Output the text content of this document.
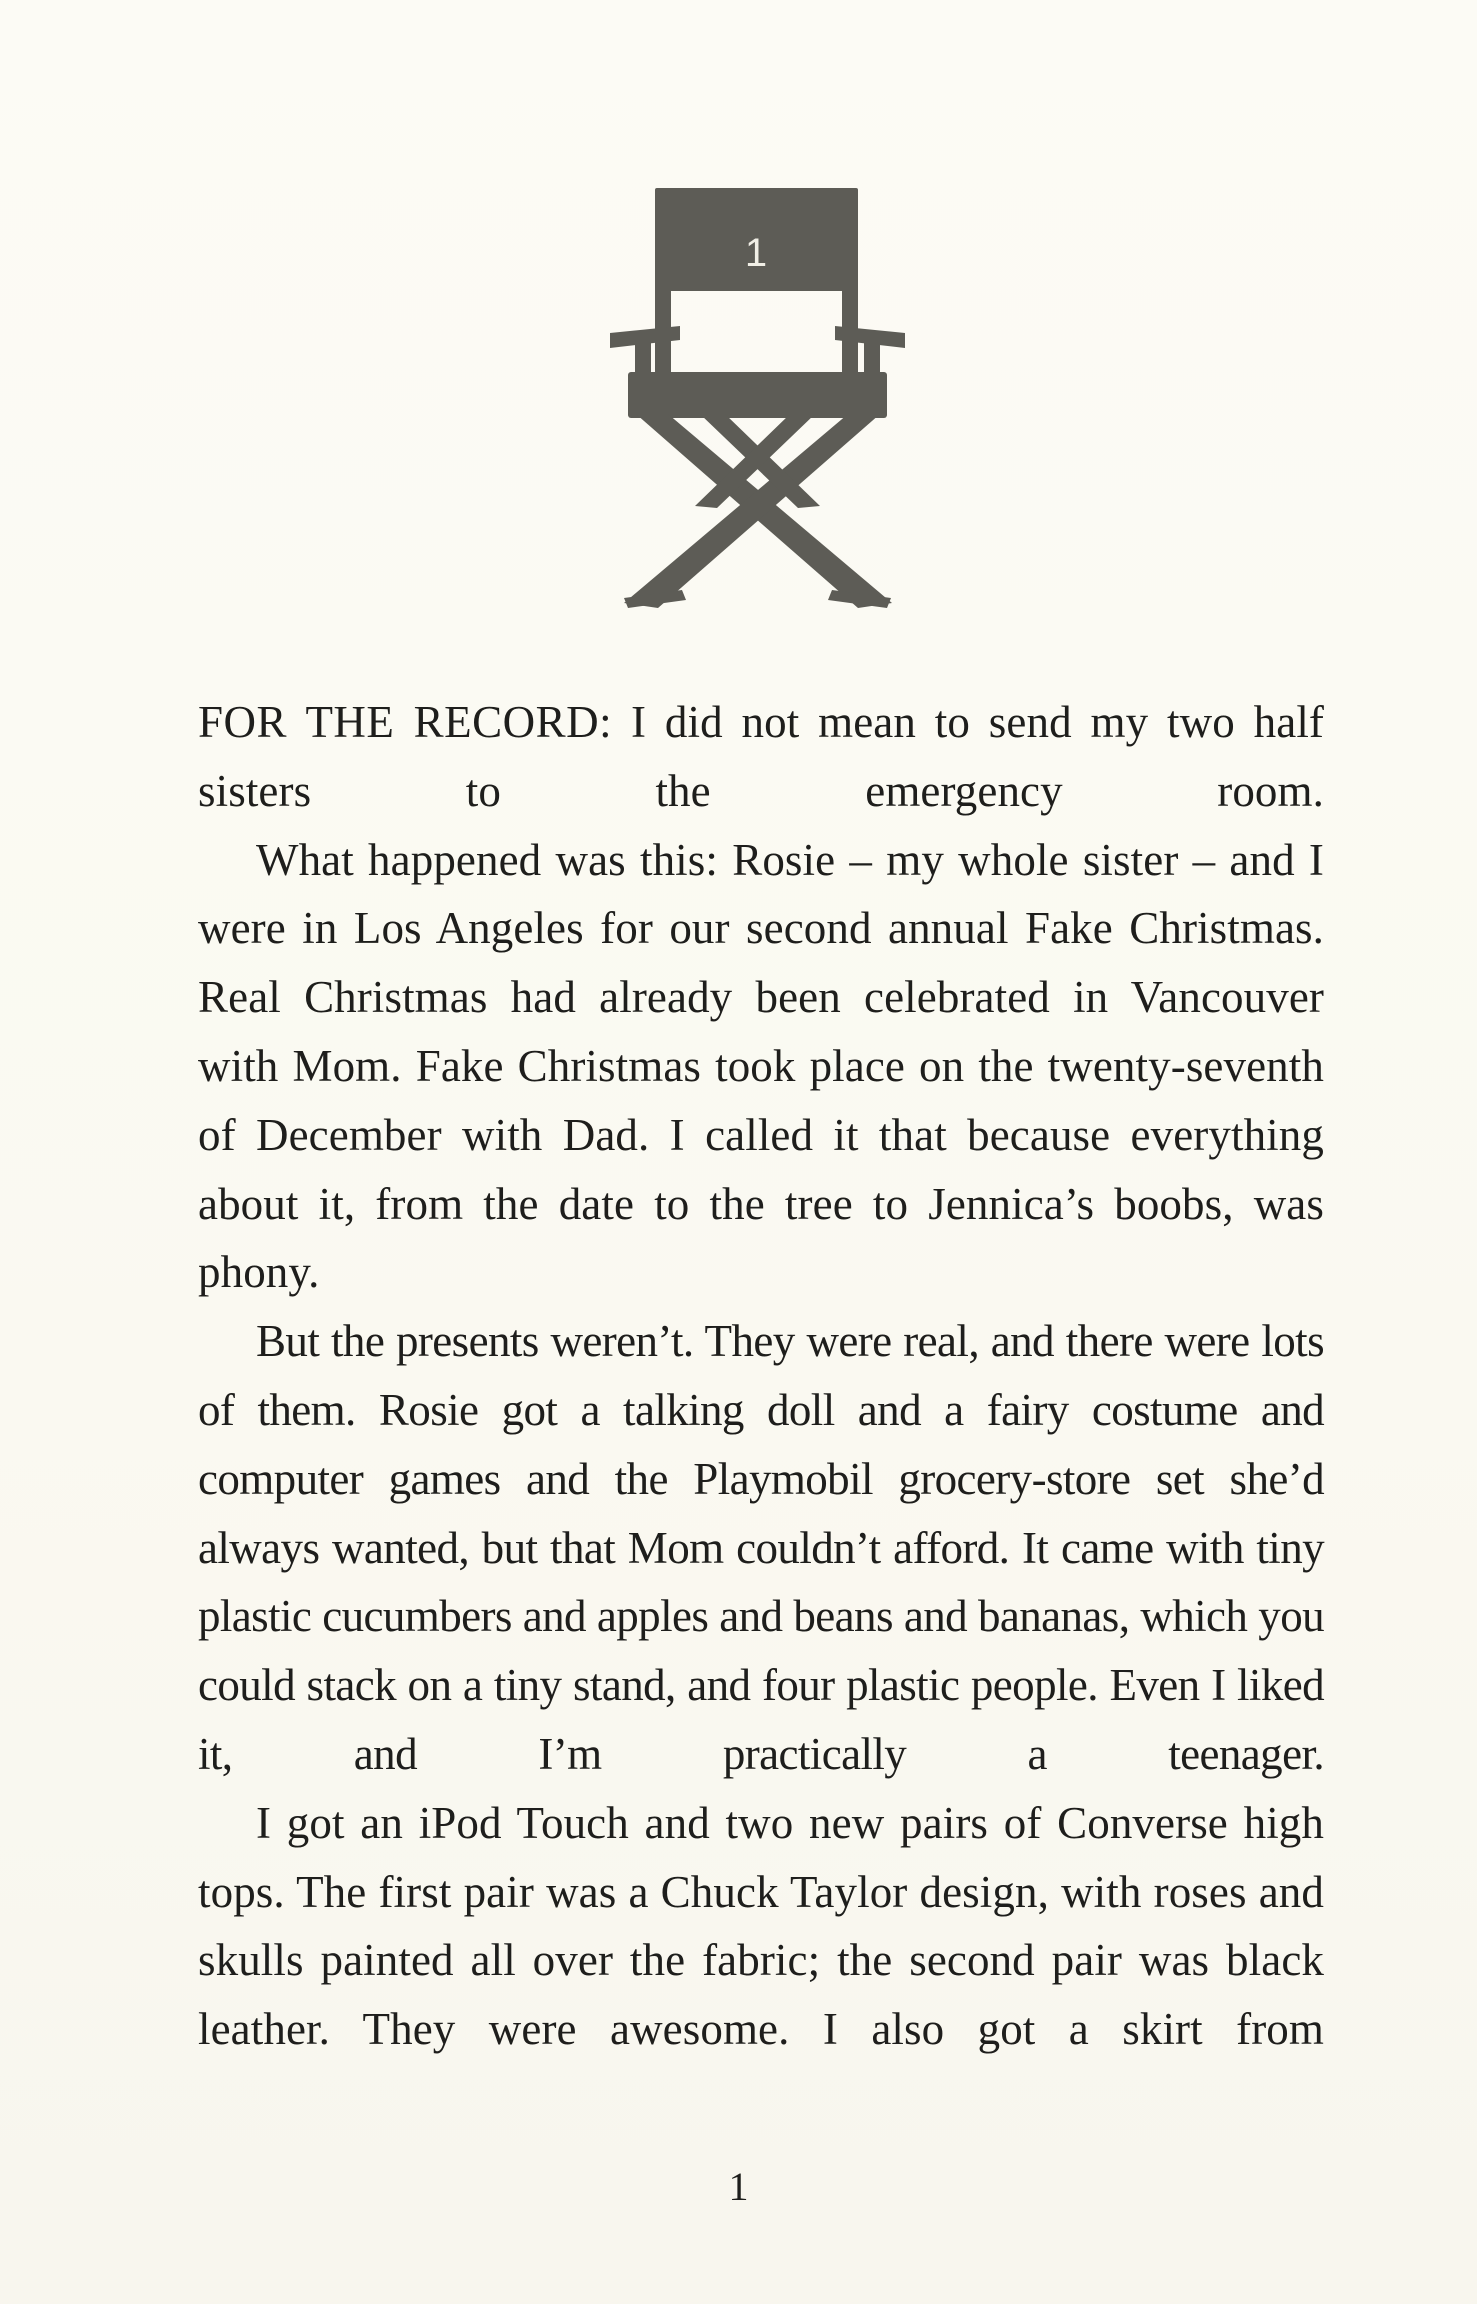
1

FOR THE RECORD: I did not mean to send my two half sisters to the emergency room.

What happened was this: Rosie – my whole sister – and I were in Los Angeles for our second annual Fake Christmas. Real Christmas had already been celebrated in Vancouver with Mom. Fake Christmas took place on the twenty-seventh of December with Dad. I called it that because everything about it, from the date to the tree to Jennica’s boobs, was phony.

But the presents weren’t. They were real, and there were lots of them. Rosie got a talking doll and a fairy costume and computer games and the Playmobil grocery-store set she’d always wanted, but that Mom couldn’t afford. It came with tiny plastic cucumbers and apples and beans and bananas, which you could stack on a tiny stand, and four plastic people. Even I liked it, and I’m practically a teenager.

I got an iPod Touch and two new pairs of Converse high tops. The first pair was a Chuck Taylor design, with roses and skulls painted all over the fabric; the second pair was black leather. They were awesome. I also got a skirt from

1
